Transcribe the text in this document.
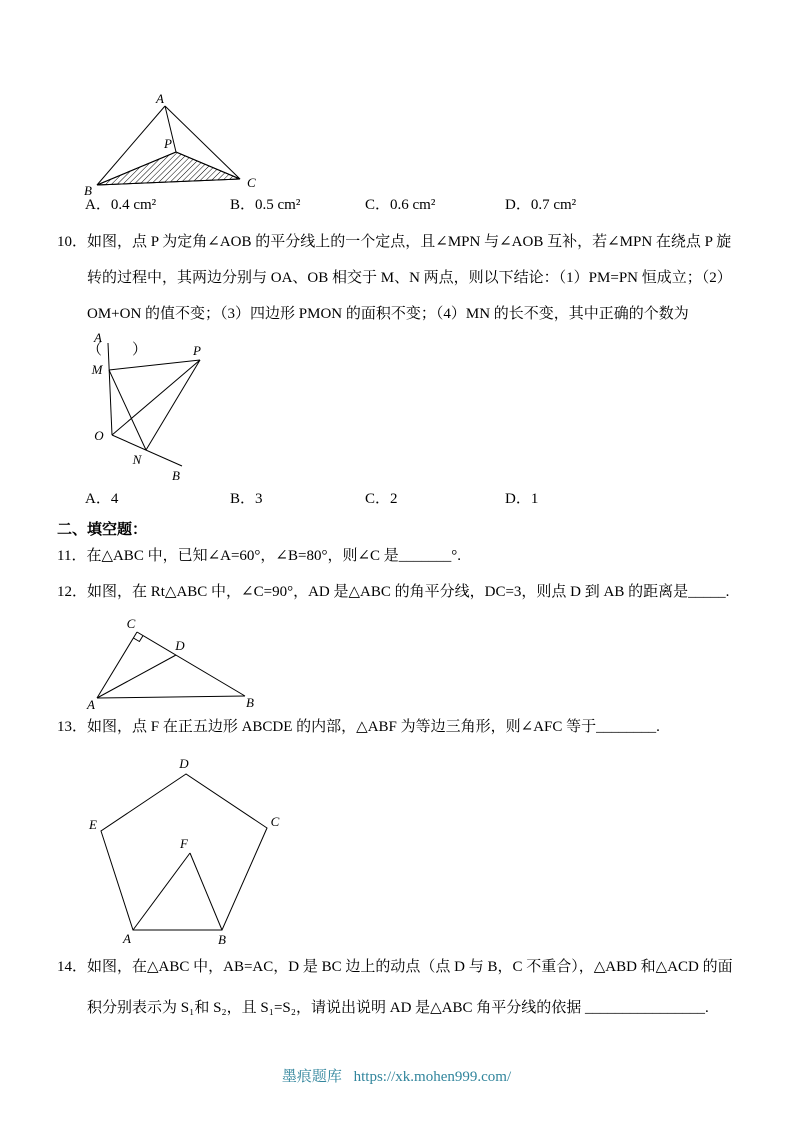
A
B
C
P
A．0.4 cm²	B．0.5 cm²	C．0.6 cm²	D．0.7 cm²

10．如图，点 P 为定角∠AOB 的平分线上的一个定点，且∠MPN 与∠AOB 互补，若∠MPN 在绕点 P 旋转的过程中，其两边分别与 OA、OB 相交于 M、N 两点，则以下结论：（1）PM=PN 恒成立；（2）OM+ON 的值不变；（3）四边形 PMON 的面积不变；（4）MN 的长不变，其中正确的个数为（　　）

A
M
P
O
N
B
A．4	B．3	C．2	D．1
二、填空题：

11．在△ABC 中，已知∠A=60°，∠B=80°，则∠C 是_______°.

12．如图，在 Rt△ABC 中，∠C=90°，AD 是△ABC 的角平分线，DC=3，则点 D 到 AB 的距离是_____.

C
D
A	B

13．如图，点 F 在正五边形 ABCDE 的内部，△ABF 为等边三角形，则∠AFC 等于________.

D
E	C
F
A	B

14．如图，在△ABC 中，AB=AC，D 是 BC 边上的动点（点 D 与 B，C 不重合），△ABD 和△ACD 的面积分别表示为 S₁和 S₂，且 S₁=S₂，请说出说明 AD 是△ABC 角平分线的依据 ________________.

墨痕题库 https://xk.mohen999.com/
